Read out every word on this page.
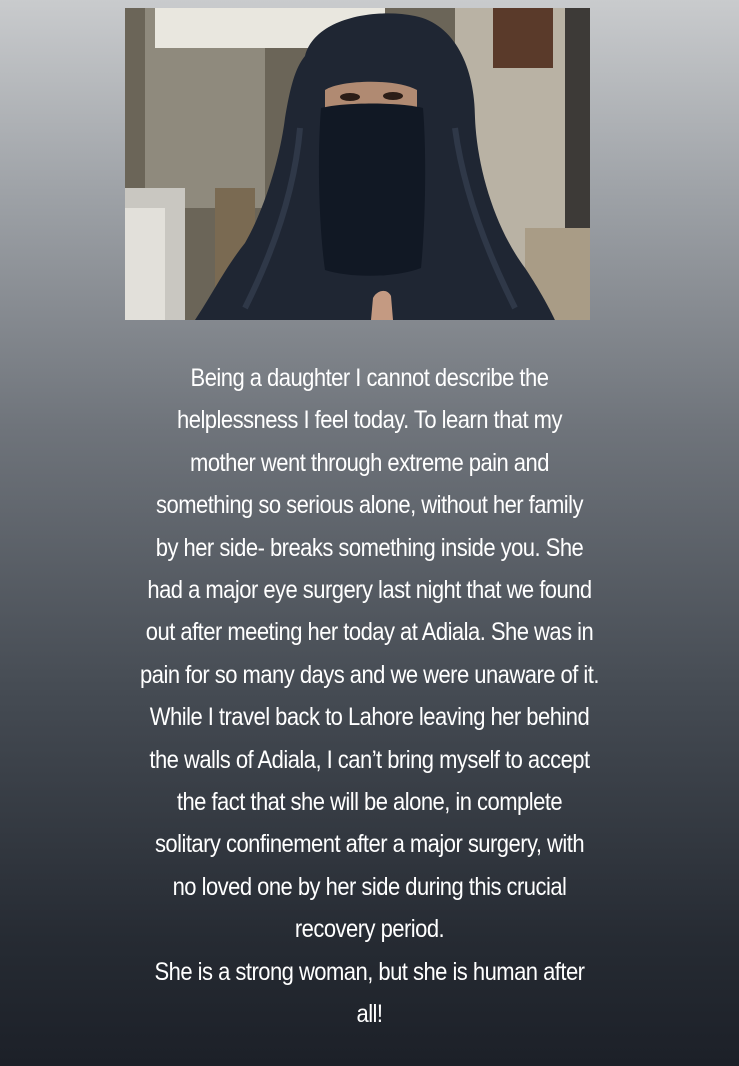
Being a daughter I cannot describe the
helplessness I feel today. To learn that my
mother went through extreme pain and
something so serious alone, without her family
by her side- breaks something inside you. She
had a major eye surgery last night that we found
out after meeting her today at Adiala. She was in
pain for so many days and we were unaware of it.
While I travel back to Lahore leaving her behind
the walls of Adiala, I can’t bring myself to accept
the fact that she will be alone, in complete
solitary confinement after a major surgery, with
no loved one by her side during this crucial
recovery period.
She is a strong woman, but she is human after
all!
